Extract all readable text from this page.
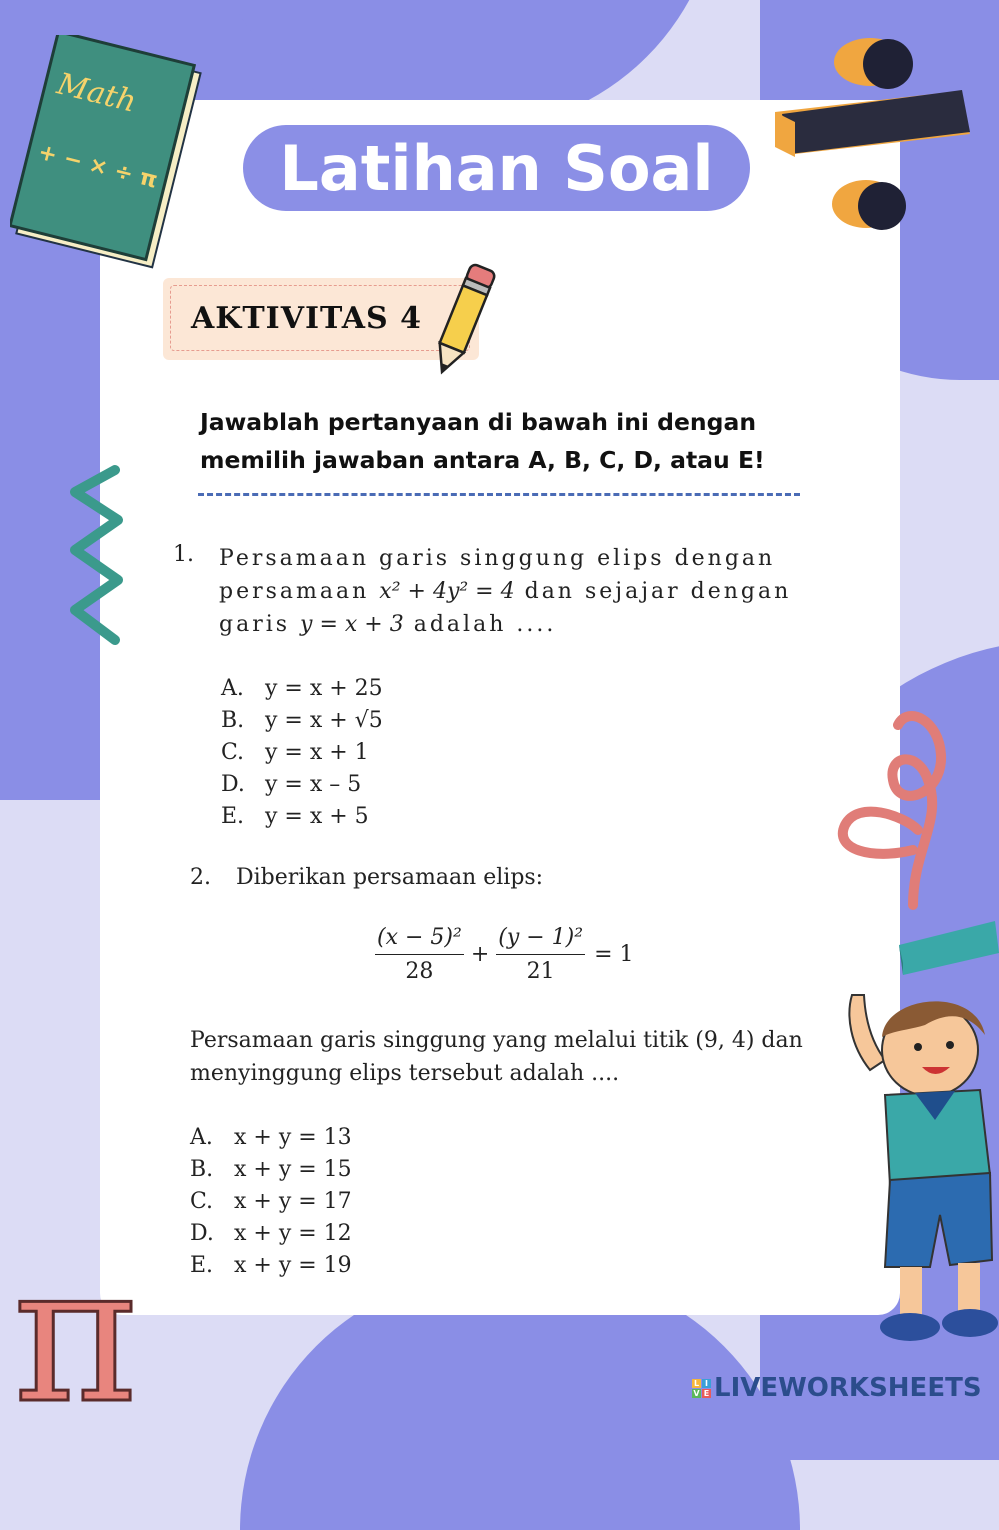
Math
+ − × ÷ π	Latihan Soal
AKTIVITAS 4
Jawablah pertanyaan di bawah ini dengan memilih jawaban antara A, B, C, D, atau E!
1. Persamaan garis singgung elips dengan persamaan x² + 4y² = 4 dan sejajar dengan garis y = x + 3 adalah ....
A. y = x + 25
B. y = x + √5
C. y = x + 1
D. y = x – 5
E. y = x + 5
2. Diberikan persamaan elips:
$\frac{\text{(x − 5)²}}{28} + \frac{\text{(y − 1)²}}{21} = 1$
Persamaan garis singgung yang melalui titik (9, 4) dan menyinggung elips tersebut adalah ....
A. x + y = 13
B. x + y = 15
C. x + y = 17
D. x + y = 12
E. x + y = 19
π	L I
V E LIVEWORKSHEETS
